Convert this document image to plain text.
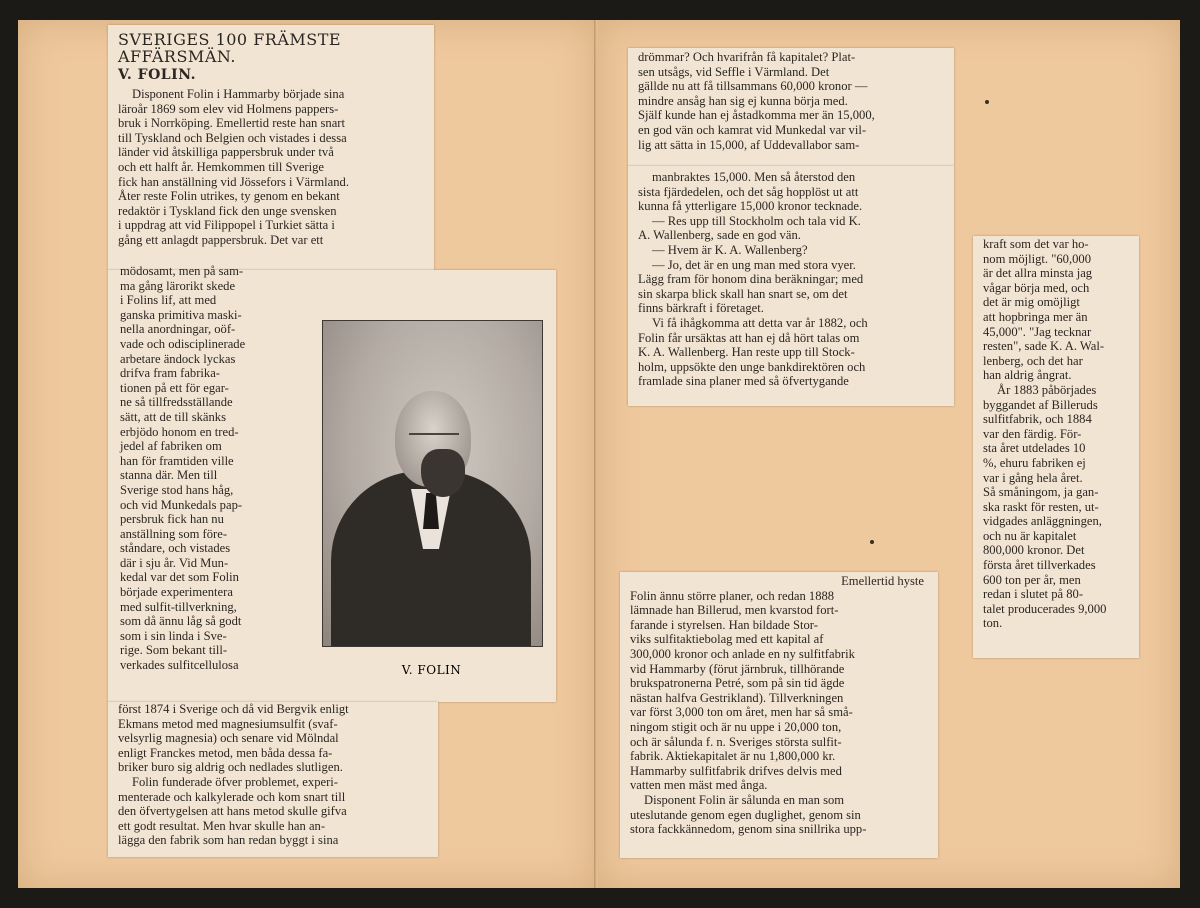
SVERIGES 100 FRÄMSTE AFFÄRSMÄN.
V. FOLIN.
Disponent Folin i Hammarby började sina
läroår 1869 som elev vid Holmens pappers-
bruk i Norrköping. Emellertid reste han snart
till Tyskland och Belgien och vistades i dessa
länder vid åtskilliga pappersbruk under två
och ett halft år. Hemkommen till Sverige
fick han anställning vid Jössefors i Värmland.
Åter reste Folin utrikes, ty genom en bekant
redaktör i Tyskland fick den unge svensken
i uppdrag att vid Filippopel i Turkiet sätta i
gång ett anlagdt pappersbruk. Det var ett
mödosamt, men på sam-
ma gång lärorikt skede
i Folins lif, att med
ganska primitiva maski-
nella anordningar, oöf-
vade och odisciplinerade
arbetare ändock lyckas
drifva fram fabrika-
tionen på ett för egar-
ne så tillfredsställande
sätt, att de till skänks
erbjödo honom en tred-
jedel af fabriken om
han för framtiden ville
stanna där. Men till
Sverige stod hans håg,
och vid Munkedals pap-
persbruk fick han nu
anställning som före-
ståndare, och vistades
där i sju år. Vid Mun-
kedal var det som Folin
började experimentera
med sulfit-tillverkning,
som då ännu låg så godt
som i sin linda i Sve-
rige. Som bekant till-
verkades sulfitcellulosa	V. FOLIN
först 1874 i Sverige och då vid Bergvik enligt
Ekmans metod med magnesiumsulfit (svaf-
velsyrlig magnesia) och senare vid Mölndal
enligt Franckes metod, men båda dessa fa-
briker buro sig aldrig och nedlades slutligen.
Folin funderade öfver problemet, experi-
menterade och kalkylerade och kom snart till
den öfvertygelsen att hans metod skulle gifva
ett godt resultat. Men hvar skulle han an-
lägga den fabrik som han redan byggt i sina
drömmar? Och hvarifrån få kapitalet? Plat-
sen utsågs, vid Seffle i Värmland. Det
gällde nu att få tillsammans 60,000 kronor —
mindre ansåg han sig ej kunna börja med.
Själf kunde han ej åstadkomma mer än 15,000,
en god vän och kamrat vid Munkedal var vil-
lig att sätta in 15,000, af Uddevallabor sam-
manbraktes 15,000. Men så återstod den
sista fjärdedelen, och det såg hopplöst ut att
kunna få ytterligare 15,000 kronor tecknade.
— Res upp till Stockholm och tala vid K.
A. Wallenberg, sade en god vän.
— Hvem är K. A. Wallenberg?
— Jo, det är en ung man med stora vyer.
Lägg fram för honom dina beräkningar; med
sin skarpa blick skall han snart se, om det
finns bärkraft i företaget.
Vi få ihågkomma att detta var år 1882, och
Folin får ursäktas att han ej då hört talas om
K. A. Wallenberg. Han reste upp till Stock-
holm, uppsökte den unge bankdirektören och
framlade sina planer med så öfvertygande
kraft som det var ho-
nom möjligt. "60,000
är det allra minsta jag
vågar börja med, och
det är mig omöjligt
att hopbringa mer än
45,000". "Jag tecknar
resten", sade K. A. Wal-
lenberg, och det har
han aldrig ångrat.
År 1883 påbörjades
byggandet af Billeruds
sulfitfabrik, och 1884
var den färdig. För-
sta året utdelades 10
%, ehuru fabriken ej
var i gång hela året.
Så småningom, ja gan-
ska raskt för resten, ut-
vidgades anläggningen,
och nu är kapitalet
800,000 kronor. Det
första året tillverkades
600 ton per år, men
redan i slutet på 80-
talet producerades 9,000
ton.
Emellertid hyste
Folin ännu större planer, och redan 1888
lämnade han Billerud, men kvarstod fort-
farande i styrelsen. Han bildade Stor-
viks sulfitaktiebolag med ett kapital af
300,000 kronor och anlade en ny sulfitfabrik
vid Hammarby (förut järnbruk, tillhörande
brukspatronerna Petré, som på sin tid ägde
nästan halfva Gestrikland). Tillverkningen
var först 3,000 ton om året, men har så små-
ningom stigit och är nu uppe i 20,000 ton,
och är sålunda f. n. Sveriges största sulfit-
fabrik. Aktiekapitalet är nu 1,800,000 kr.
Hammarby sulfitfabrik drifves delvis med
vatten men mäst med ånga.
Disponent Folin är sålunda en man som
uteslutande genom egen duglighet, genom sin
stora fackkännedom, genom sina snillrika upp-
